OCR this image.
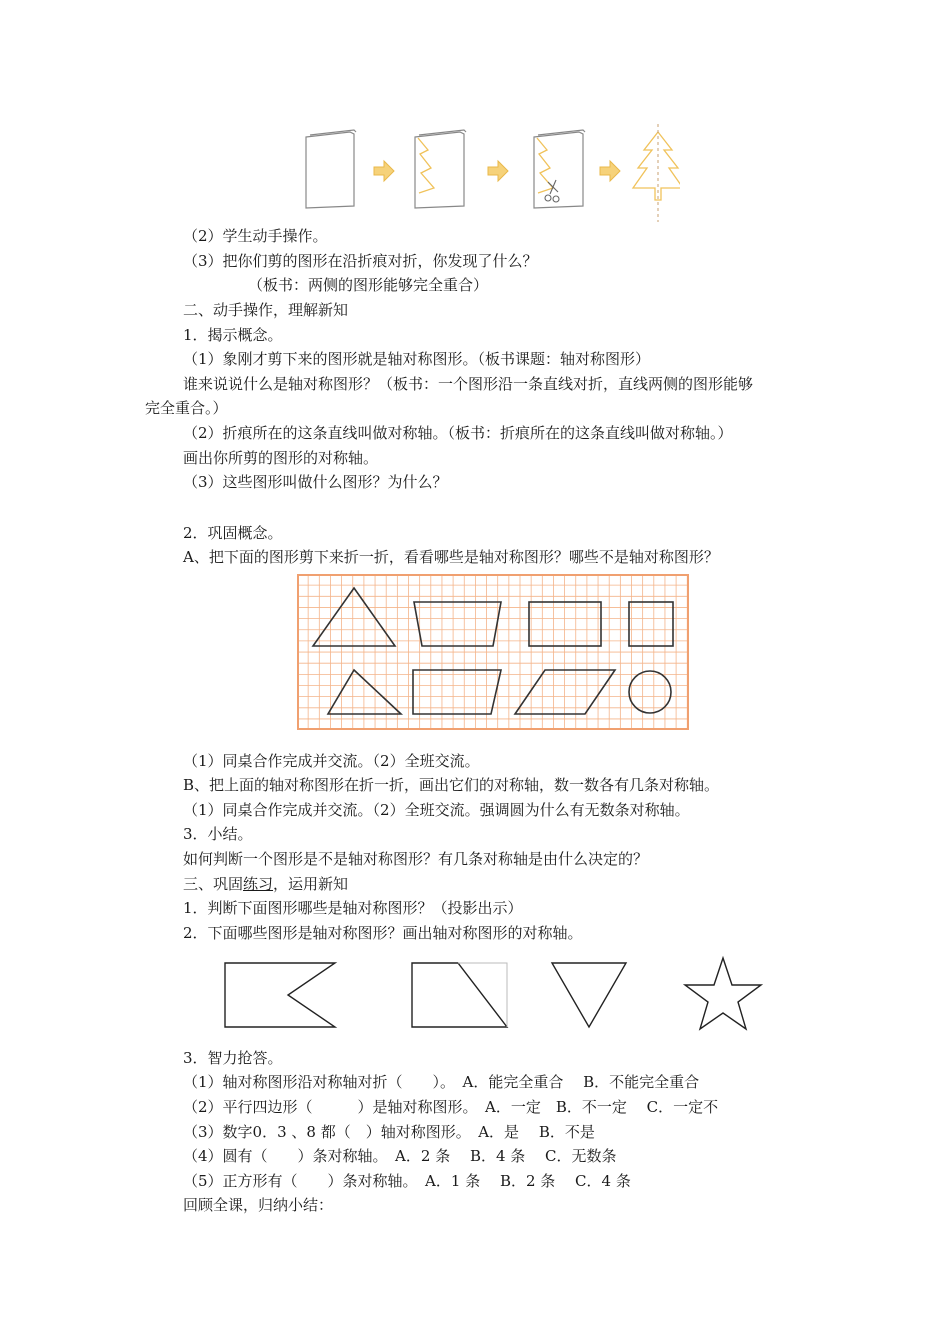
（2）学生动手操作。
（3）把你们剪的图形在沿折痕对折，你发现了什么？
（板书：两侧的图形能够完全重合）
二、动手操作，理解新知
1．揭示概念。
（1）象刚才剪下来的图形就是轴对称图形。（板书课题：轴对称图形）
谁来说说什么是轴对称图形？（板书：一个图形沿一条直线对折，直线两侧的图形能够
完全重合。）
（2）折痕所在的这条直线叫做对称轴。（板书：折痕所在的这条直线叫做对称轴。）
画出你所剪的图形的对称轴。
（3）这些图形叫做什么图形？为什么？
2．巩固概念。
A、把下面的图形剪下来折一折，看看哪些是轴对称图形？哪些不是轴对称图形？
（1）同桌合作完成并交流。（2）全班交流。
B、把上面的轴对称图形在折一折，画出它们的对称轴，数一数各有几条对称轴。
（1）同桌合作完成并交流。（2）全班交流。强调圆为什么有无数条对称轴。
3．小结。
如何判断一个图形是不是轴对称图形？有几条对称轴是由什么决定的？
三、巩固练习，运用新知
1．判断下面图形哪些是轴对称图形？（投影出示）
2．下面哪些图形是轴对称图形？画出轴对称图形的对称轴。
3．智力抢答。
（1）轴对称图形沿对称轴对折（　　）。　A．能完全重合　 B．不能完全重合
（2）平行四边形（　　　）是轴对称图形。　A．一定　B．不一定　 C．一定不
（3）数字0．3 、8 都（　）轴对称图形。　A．是　 B．不是
（4）圆有（　　）条对称轴。　A．2 条　 B．4 条　 C．无数条
（5）正方形有（　　）条对称轴。　A．1 条　 B．2 条　 C．4 条
回顾全课，归纳小结：
